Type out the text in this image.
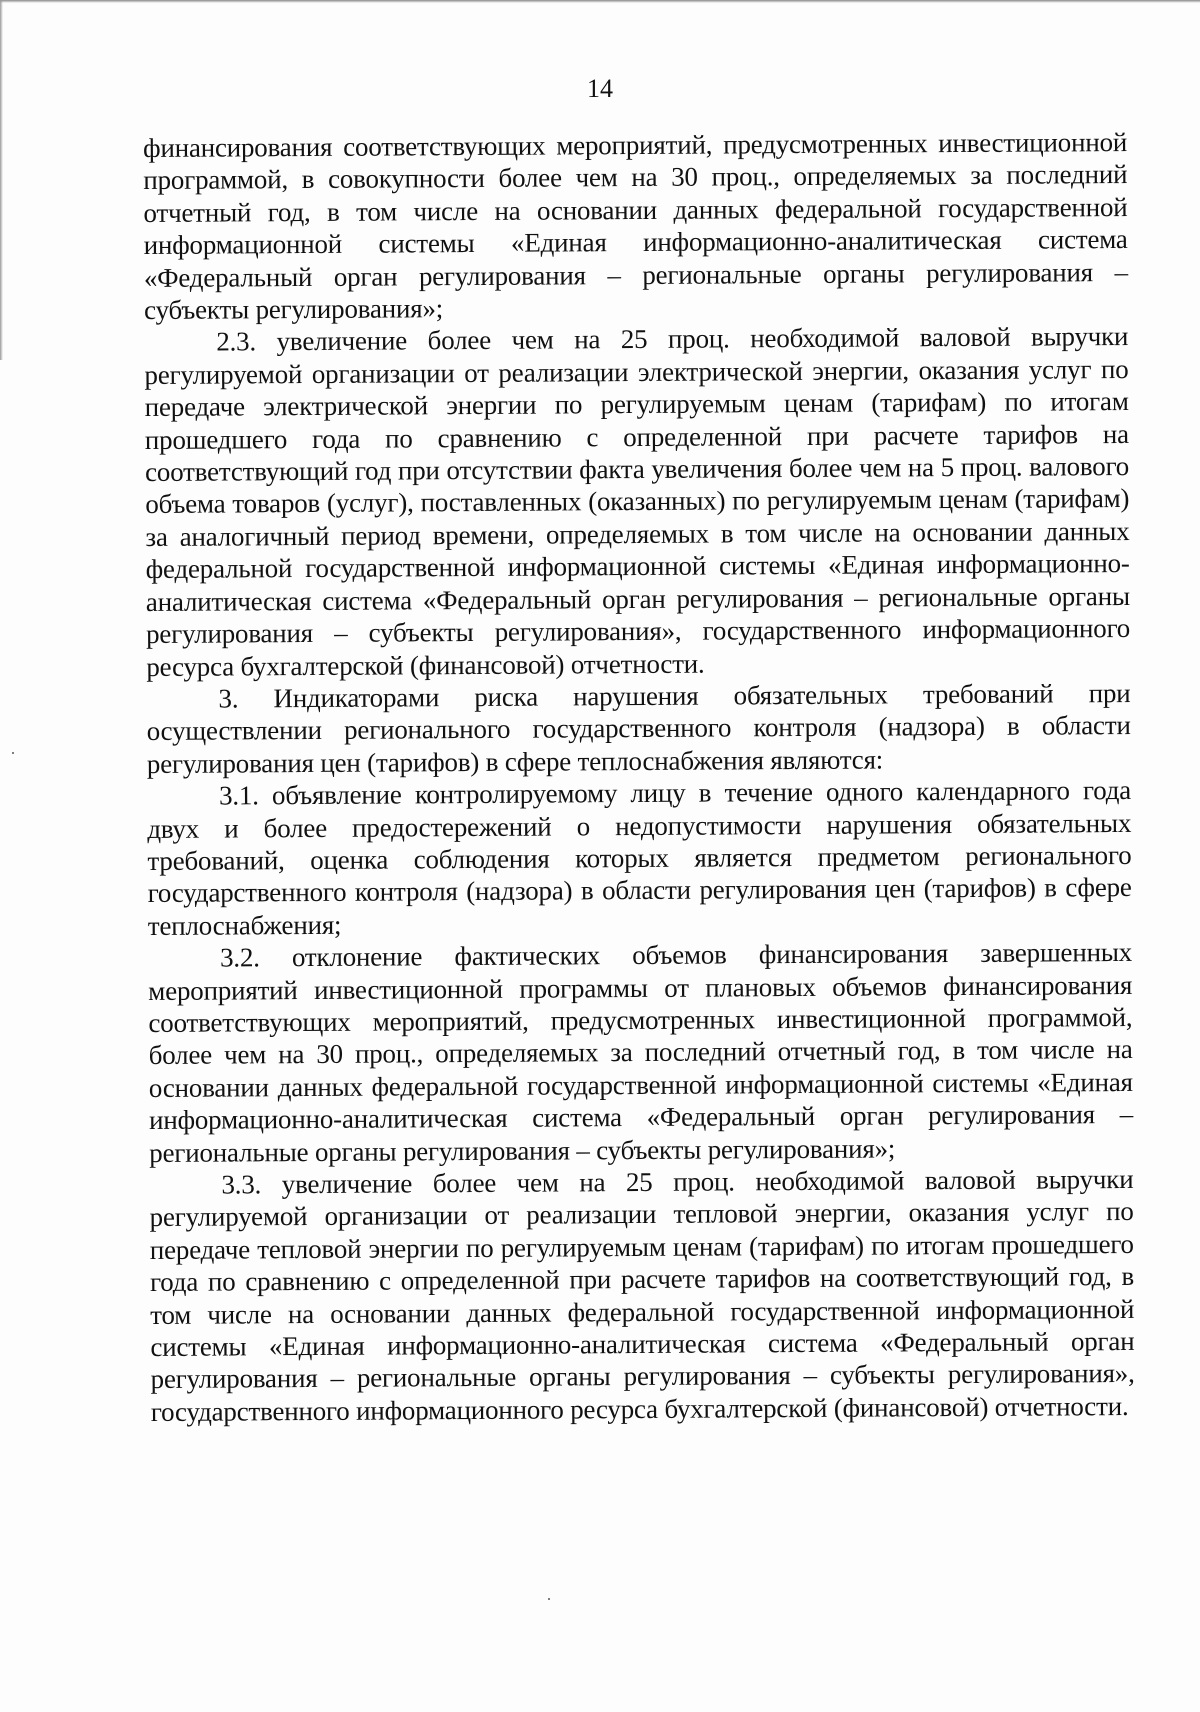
14

финансирования соответствующих мероприятий, предусмотренных инвестиционной программой, в совокупности более чем на 30 проц., определяемых за последний отчетный год, в том числе на основании данных федеральной государственной информационной системы «Единая информационно-аналитическая система «Федеральный орган регулирования – региональные органы регулирования – субъекты регулирования»;

2.3. увеличение более чем на 25 проц. необходимой валовой выручки регулируемой организации от реализации электрической энергии, оказания услуг по передаче электрической энергии по регулируемым ценам (тарифам) по итогам прошедшего года по сравнению с определенной при расчете тарифов на соответствующий год при отсутствии факта увеличения более чем на 5 проц. валового объема товаров (услуг), поставленных (оказанных) по регулируемым ценам (тарифам) за аналогичный период времени, определяемых в том числе на основании данных федеральной государственной информационной системы «Единая информационно-аналитическая система «Федеральный орган регулирования – региональные органы регулирования – субъекты регулирования», государственного информационного ресурса бухгалтерской (финансовой) отчетности.

3. Индикаторами риска нарушения обязательных требований при осуществлении регионального государственного контроля (надзора) в области регулирования цен (тарифов) в сфере теплоснабжения являются:

3.1. объявление контролируемому лицу в течение одного календарного года двух и более предостережений о недопустимости нарушения обязательных требований, оценка соблюдения которых является предметом регионального государственного контроля (надзора) в области регулирования цен (тарифов) в сфере теплоснабжения;

3.2. отклонение фактических объемов финансирования завершенных мероприятий инвестиционной программы от плановых объемов финансирования соответствующих мероприятий, предусмотренных инвестиционной программой, более чем на 30 проц., определяемых за последний отчетный год, в том числе на основании данных федеральной государственной информационной системы «Единая информационно-аналитическая система «Федеральный орган регулирования – региональные органы регулирования – субъекты регулирования»;

3.3. увеличение более чем на 25 проц. необходимой валовой выручки регулируемой организации от реализации тепловой энергии, оказания услуг по передаче тепловой энергии по регулируемым ценам (тарифам) по итогам прошедшего года по сравнению с определенной при расчете тарифов на соответствующий год, в том числе на основании данных федеральной государственной информационной системы «Единая информационно-аналитическая система «Федеральный орган регулирования – региональные органы регулирования – субъекты регулирования», государственного информационного ресурса бухгалтерской (финансовой) отчетности.
